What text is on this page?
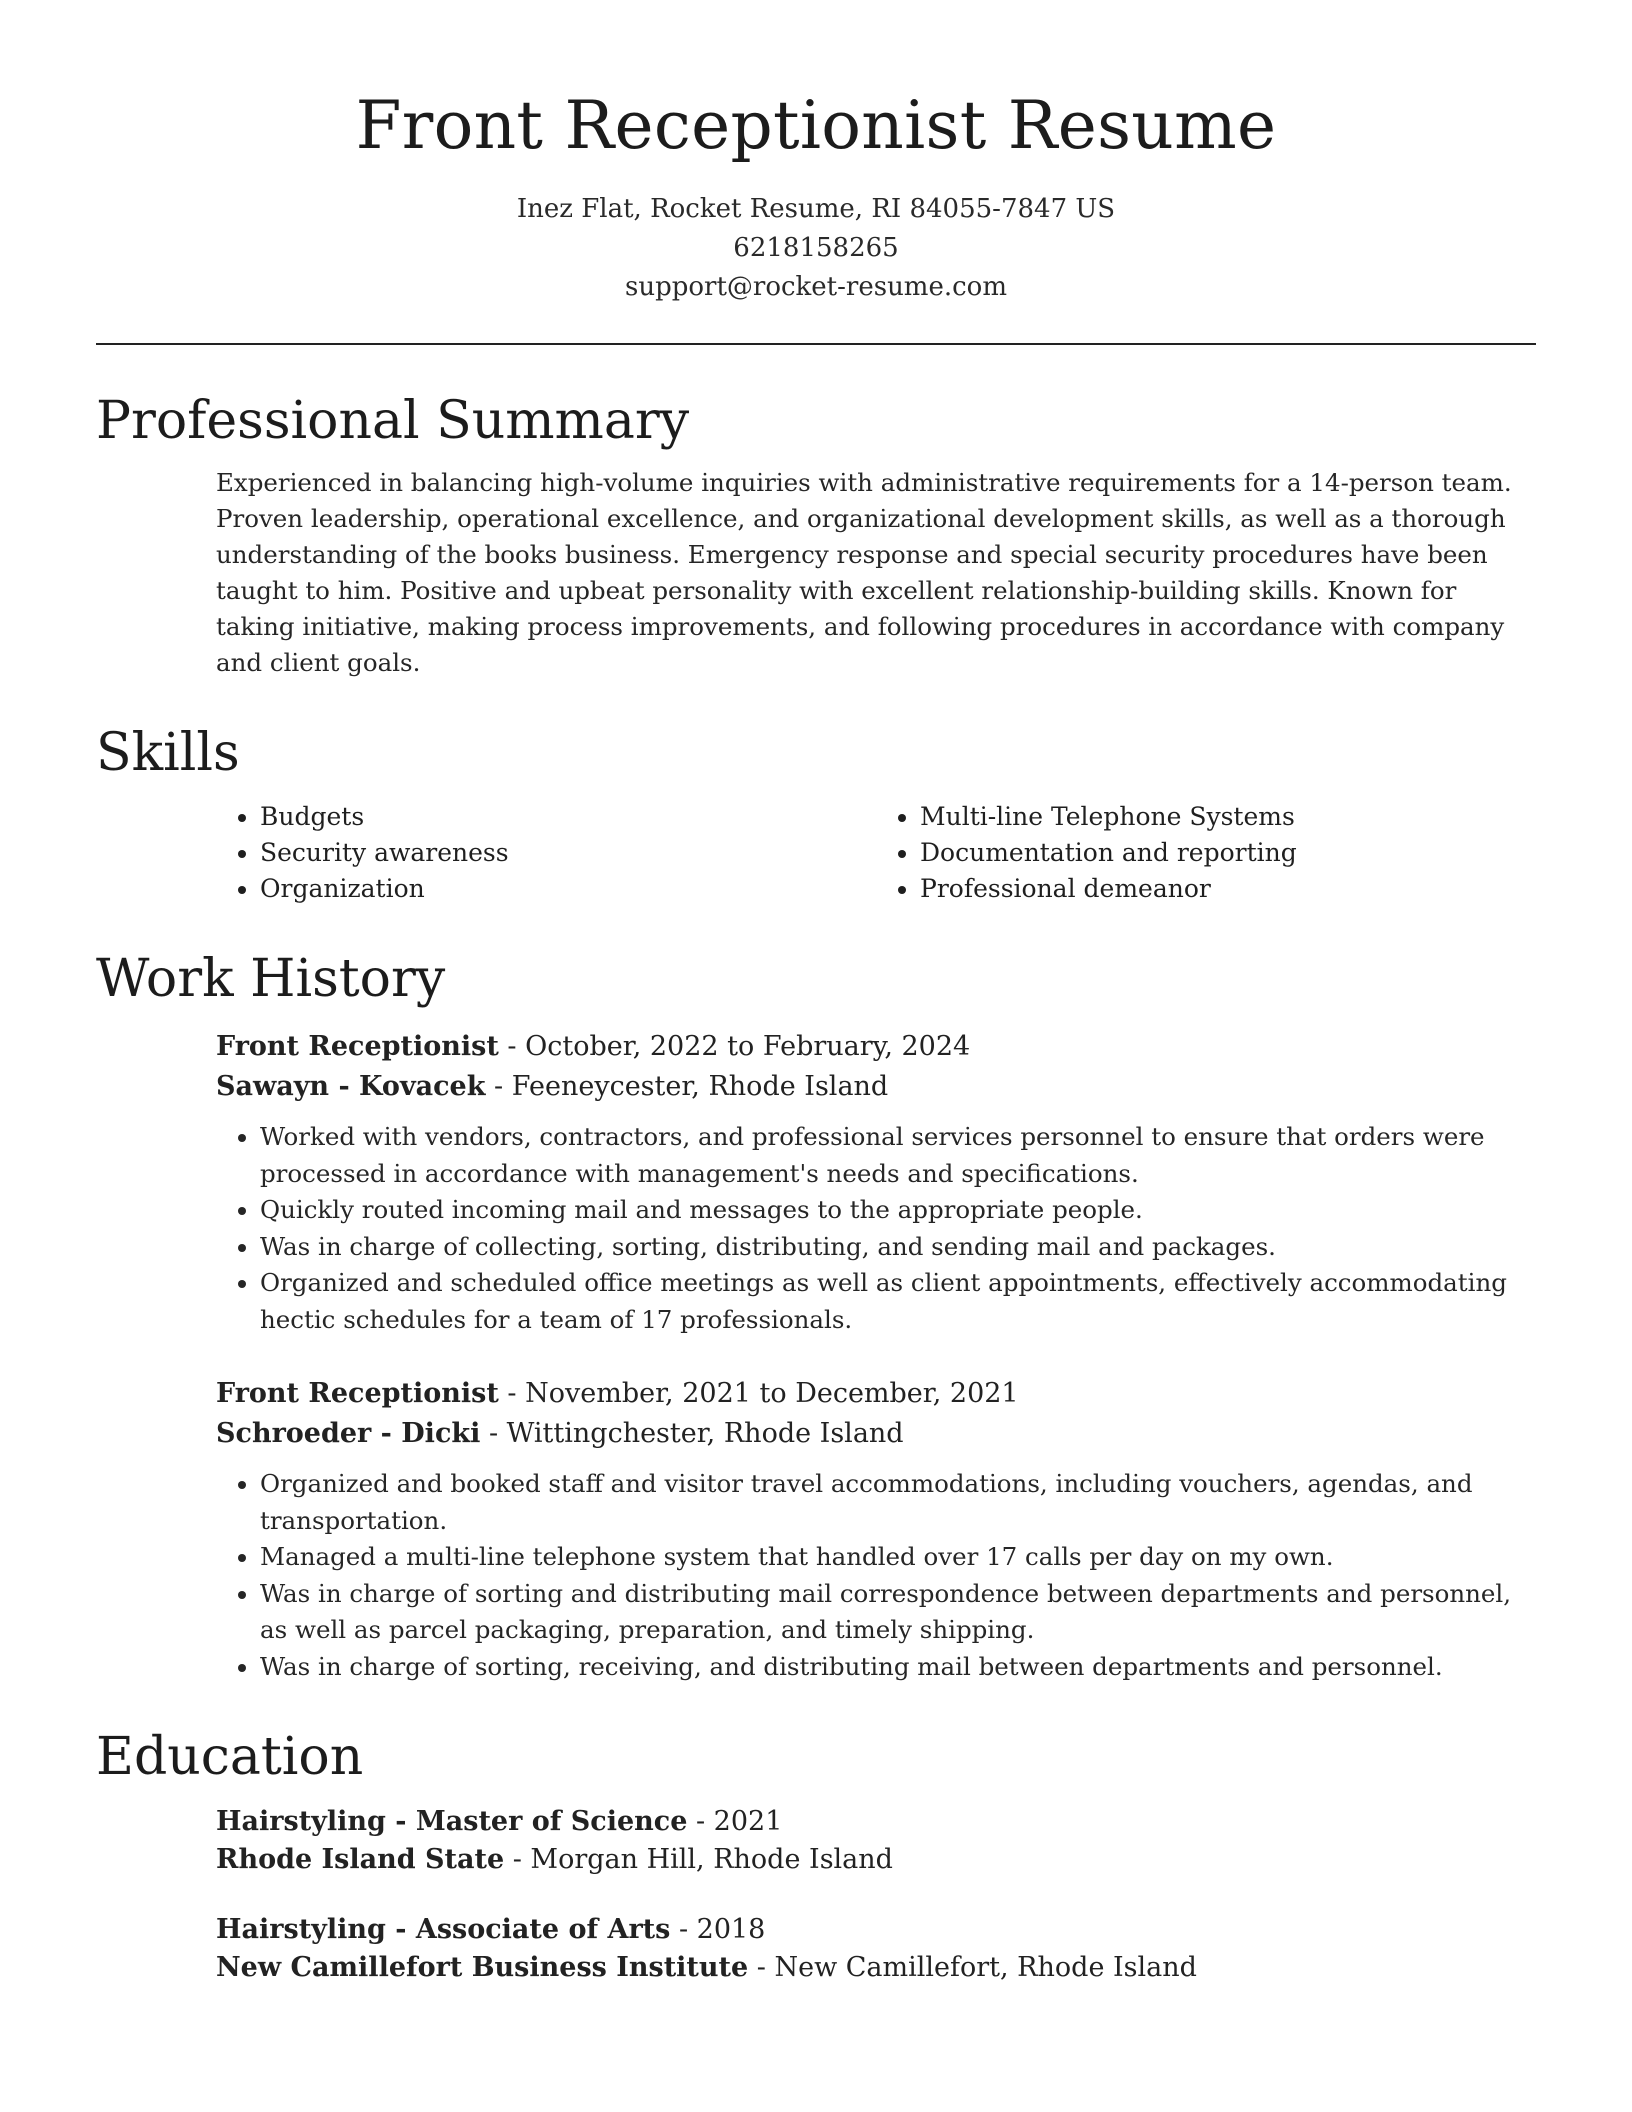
Front Receptionist Resume
Inez Flat, Rocket Resume, RI 84055-7847 US
6218158265
support@rocket-resume.com
Professional Summary

Experienced in balancing high-volume inquiries with administrative requirements for a 14-person team. Proven leadership, operational excellence, and organizational development skills, as well as a thorough understanding of the books business. Emergency response and special security procedures have been taught to him. Positive and upbeat personality with excellent relationship-building skills. Known for taking initiative, making process improvements, and following procedures in accordance with company and client goals.

Skills
• Budgets
• Security awareness
• Organization
• Multi-line Telephone Systems
• Documentation and reporting
• Professional demeanor
Work History
Front Receptionist - October, 2022 to February, 2024
Sawayn - Kovacek - Feeneycester, Rhode Island
• Worked with vendors, contractors, and professional services personnel to ensure that orders were processed in accordance with management's needs and specifications.
• Quickly routed incoming mail and messages to the appropriate people.
• Was in charge of collecting, sorting, distributing, and sending mail and packages.
• Organized and scheduled office meetings as well as client appointments, effectively accommodating hectic schedules for a team of 17 professionals.
Front Receptionist - November, 2021 to December, 2021
Schroeder - Dicki - Wittingchester, Rhode Island
• Organized and booked staff and visitor travel accommodations, including vouchers, agendas, and transportation.
• Managed a multi-line telephone system that handled over 17 calls per day on my own.
• Was in charge of sorting and distributing mail correspondence between departments and personnel, as well as parcel packaging, preparation, and timely shipping.
• Was in charge of sorting, receiving, and distributing mail between departments and personnel.
Education
Hairstyling - Master of Science - 2021
Rhode Island State - Morgan Hill, Rhode Island
Hairstyling - Associate of Arts - 2018
New Camillefort Business Institute - New Camillefort, Rhode Island
